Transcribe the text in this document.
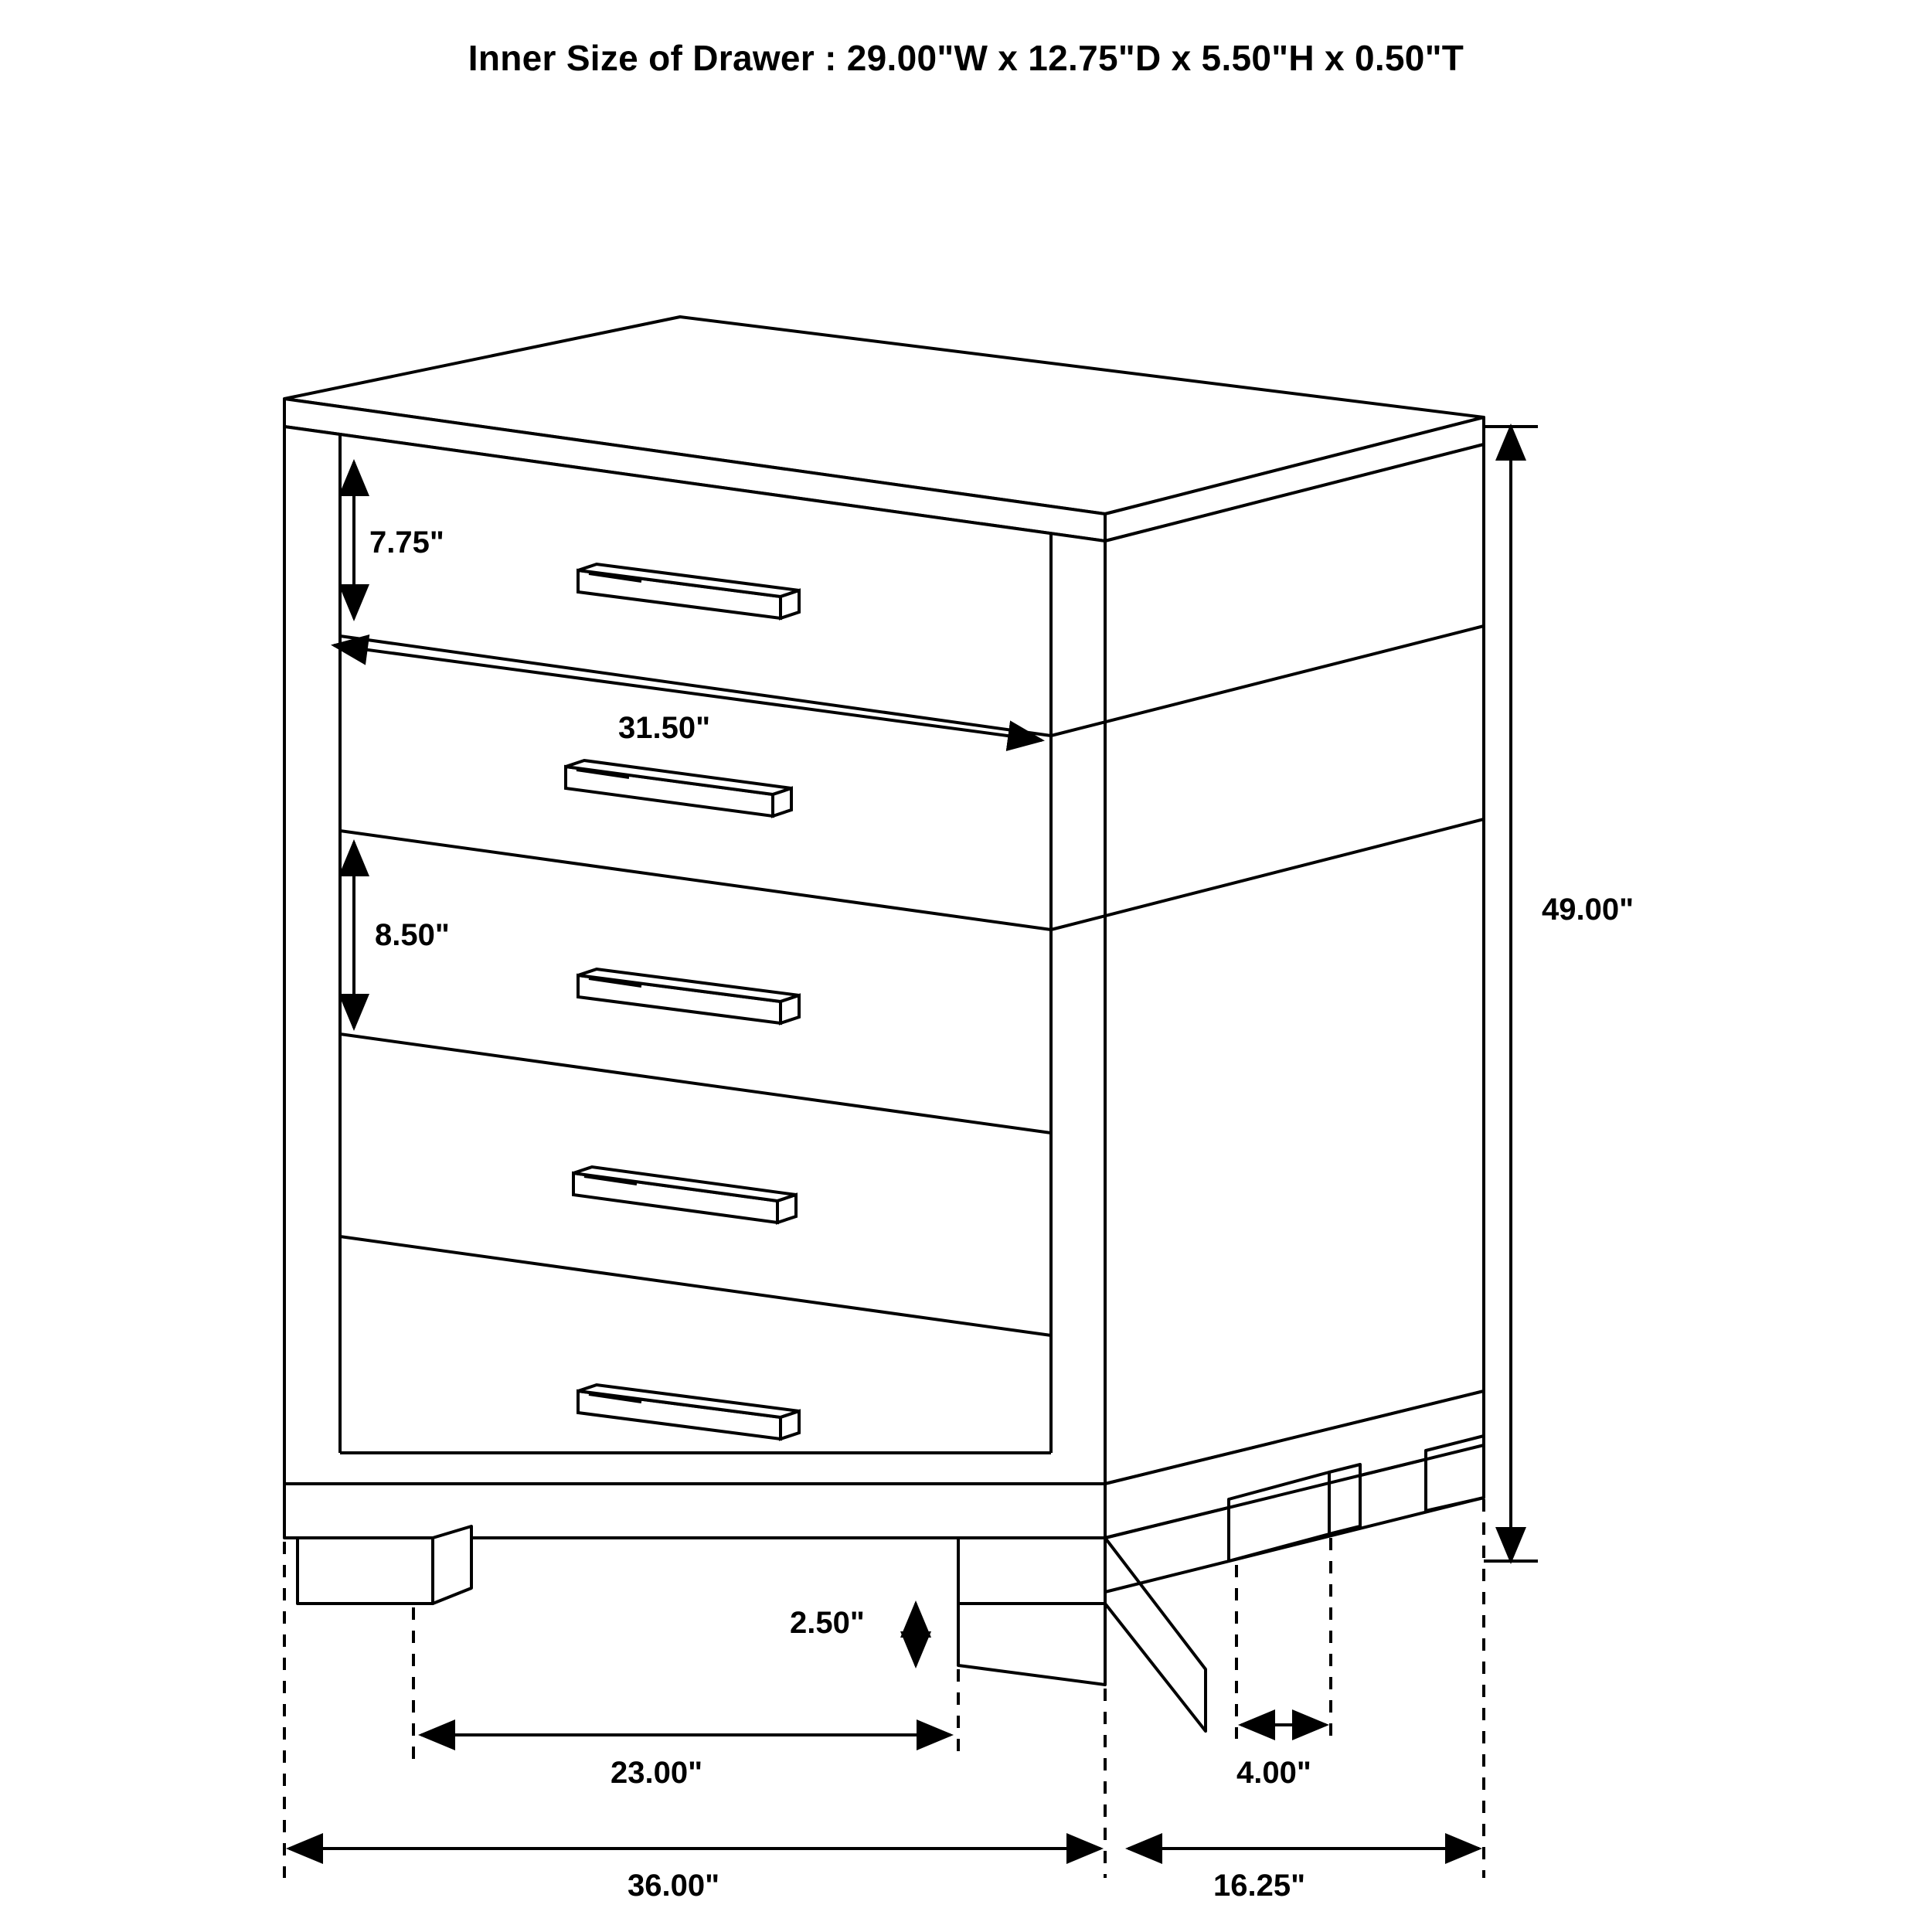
Inner Size of Drawer : 29.00"W x 12.75"D x 5.50"H x 0.50"T
7.75"
31.50"
8.50"
49.00"
2.50"
23.00"	4.00"
36.00"	16.25"
